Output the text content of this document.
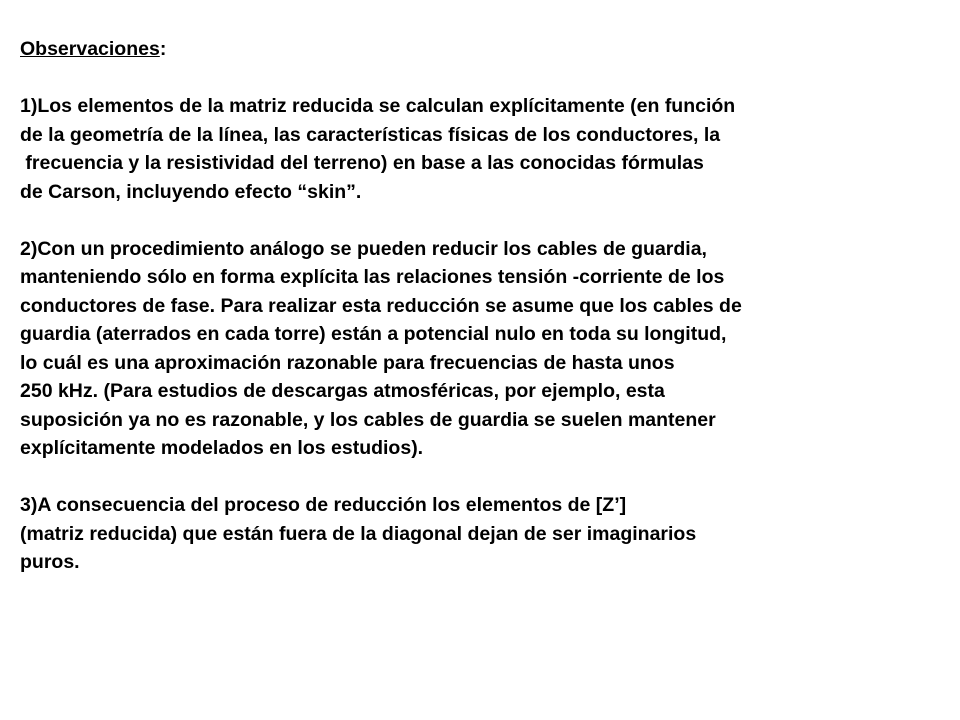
Observaciones:
1)Los elementos de la matriz reducida se calculan explícitamente (en función
de la geometría de la línea, las características físicas de los conductores, la
frecuencia y la resistividad del terreno) en base a las conocidas fórmulas
de Carson, incluyendo efecto “skin”.
2)Con un procedimiento análogo se pueden reducir los cables de guardia,
manteniendo sólo en forma explícita las relaciones tensión -corriente de los
conductores de fase. Para realizar esta reducción se asume que los cables de
guardia (aterrados en cada torre) están a potencial nulo en toda su longitud,
lo cuál es una aproximación razonable para frecuencias de hasta unos
250 kHz. (Para estudios de descargas atmosféricas, por ejemplo, esta
suposición ya no es razonable, y los cables de guardia se suelen mantener
explícitamente modelados en los estudios).
3)A consecuencia del proceso de reducción los elementos de [Z’]
(matriz reducida) que están fuera de la diagonal dejan de ser imaginarios
puros.
